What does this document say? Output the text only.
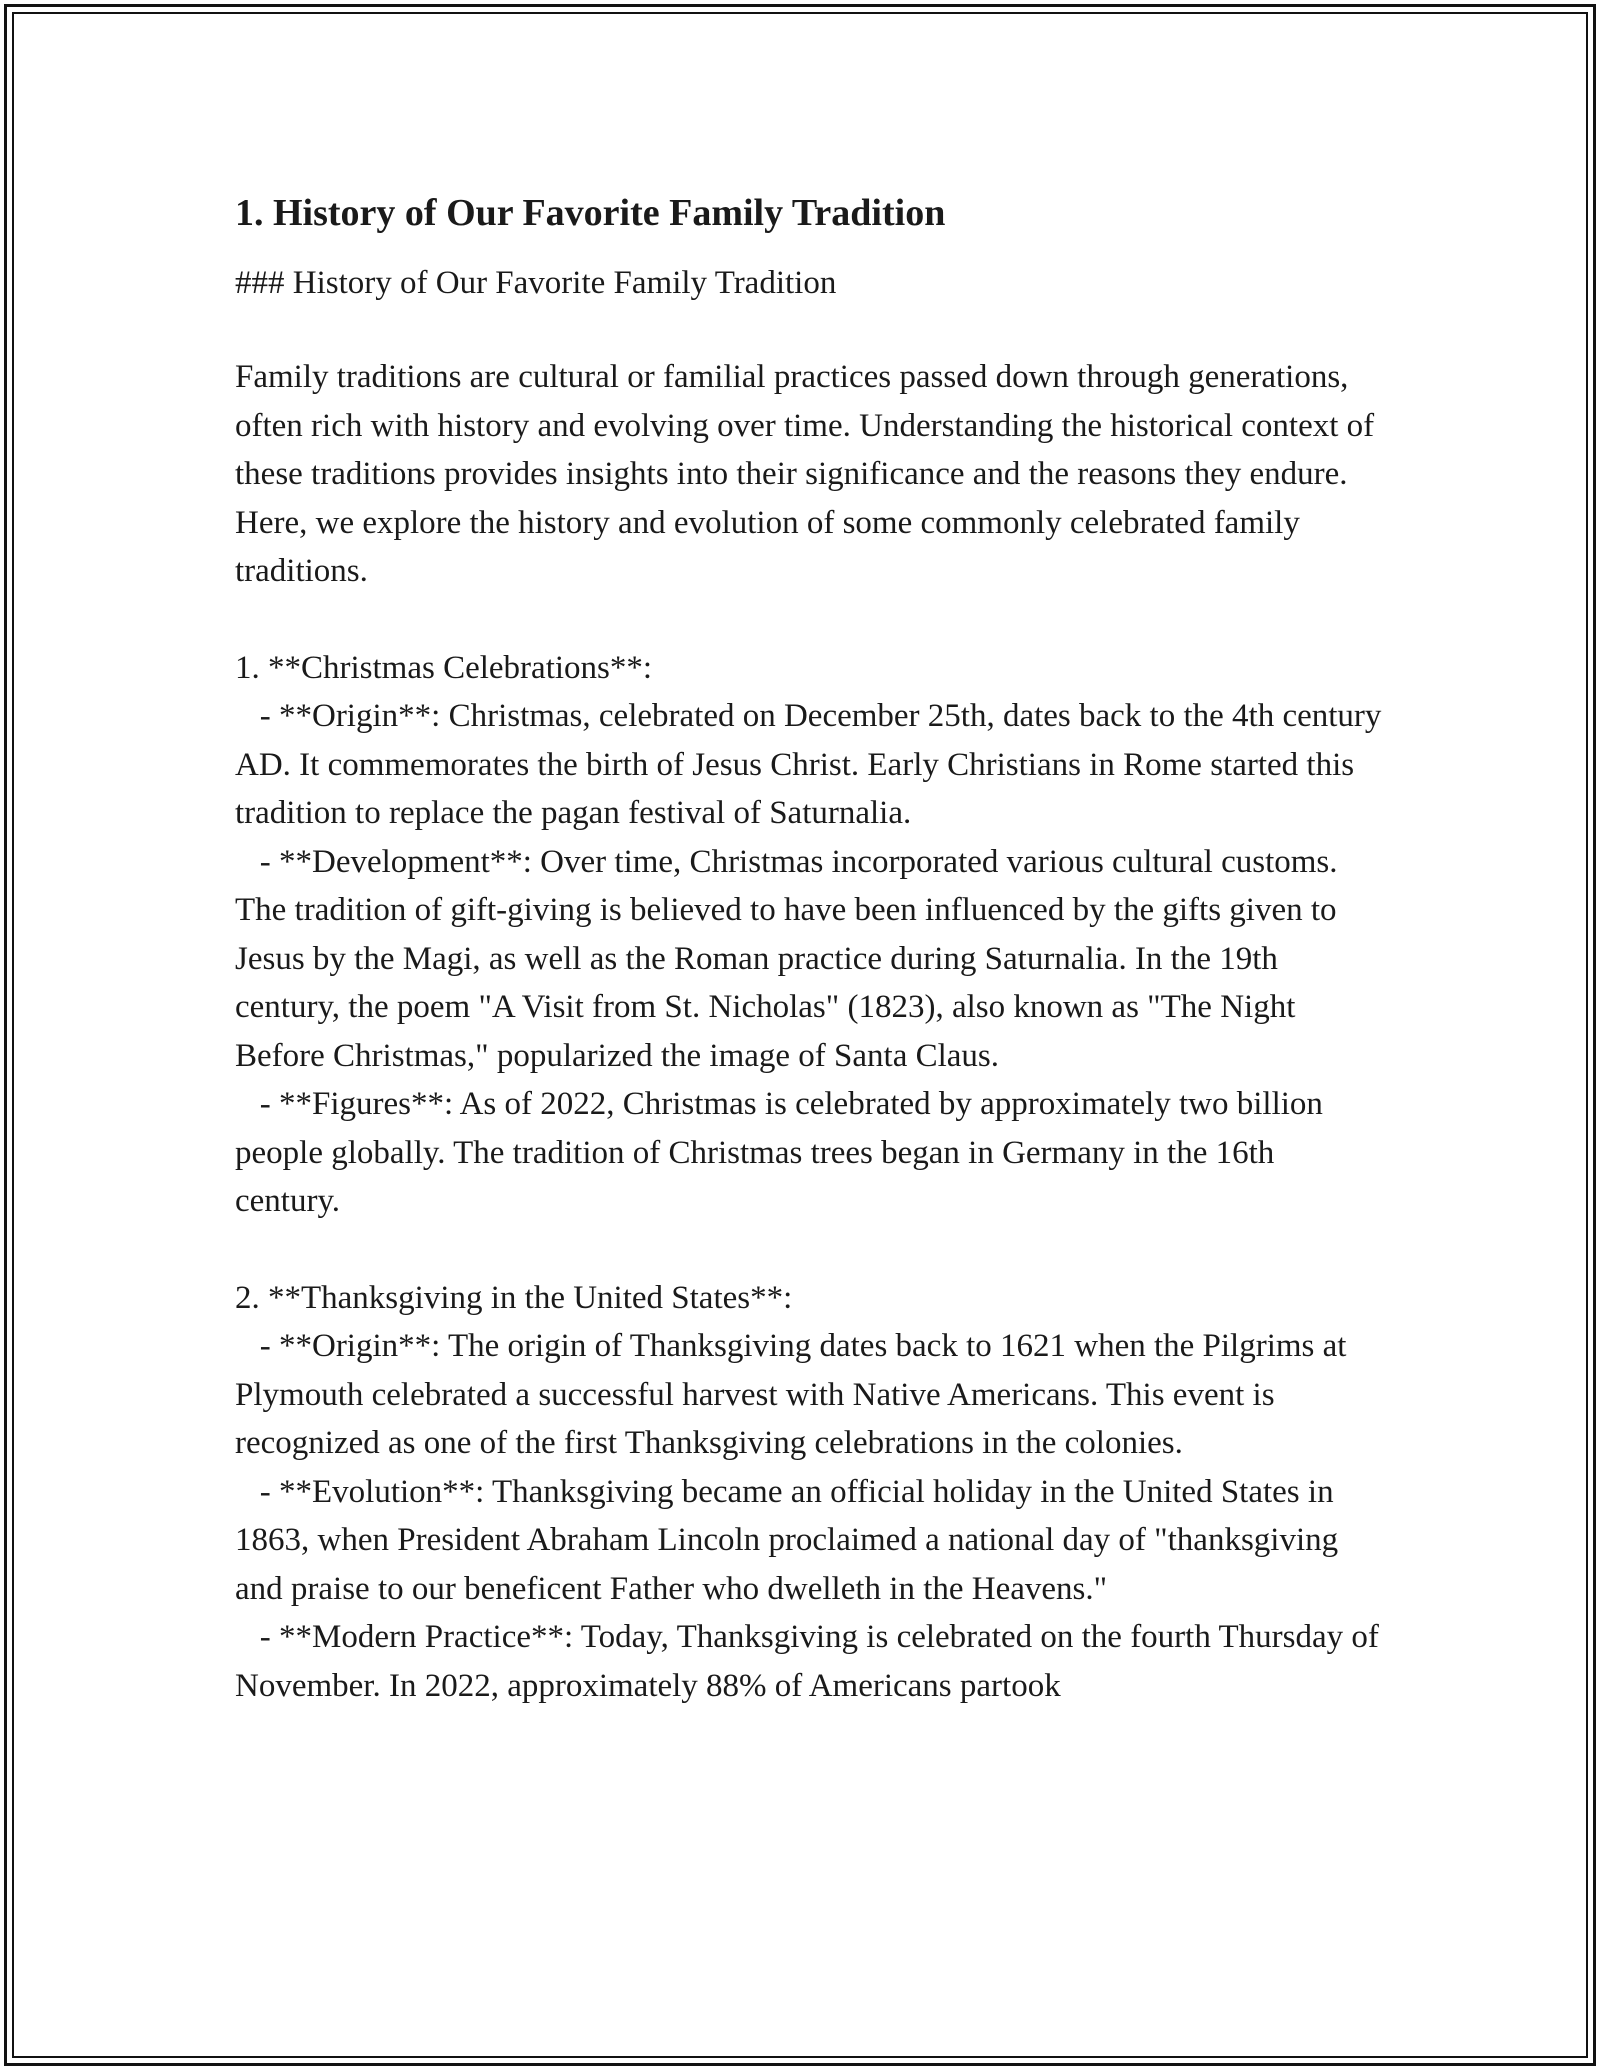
1. History of Our Favorite Family Tradition

### History of Our Favorite Family Tradition

Family traditions are cultural or familial practices passed down through generations, often rich with history and evolving over time. Understanding the historical context of these traditions provides insights into their significance and the reasons they endure. Here, we explore the history and evolution of some commonly celebrated family traditions.

1. **Christmas Celebrations**:

- **Origin**: Christmas, celebrated on December 25th, dates back to the 4th century AD. It commemorates the birth of Jesus Christ. Early Christians in Rome started this tradition to replace the pagan festival of Saturnalia.

- **Development**: Over time, Christmas incorporated various cultural customs. The tradition of gift-giving is believed to have been influenced by the gifts given to Jesus by the Magi, as well as the Roman practice during Saturnalia. In the 19th century, the poem "A Visit from St. Nicholas" (1823), also known as "The Night Before Christmas," popularized the image of Santa Claus.

- **Figures**: As of 2022, Christmas is celebrated by approximately two billion people globally. The tradition of Christmas trees began in Germany in the 16th century.

2. **Thanksgiving in the United States**:

- **Origin**: The origin of Thanksgiving dates back to 1621 when the Pilgrims at Plymouth celebrated a successful harvest with Native Americans. This event is recognized as one of the first Thanksgiving celebrations in the colonies.

- **Evolution**: Thanksgiving became an official holiday in the United States in 1863, when President Abraham Lincoln proclaimed a national day of "thanksgiving and praise to our beneficent Father who dwelleth in the Heavens."

- **Modern Practice**: Today, Thanksgiving is celebrated on the fourth Thursday of November. In 2022, approximately 88% of Americans partook
